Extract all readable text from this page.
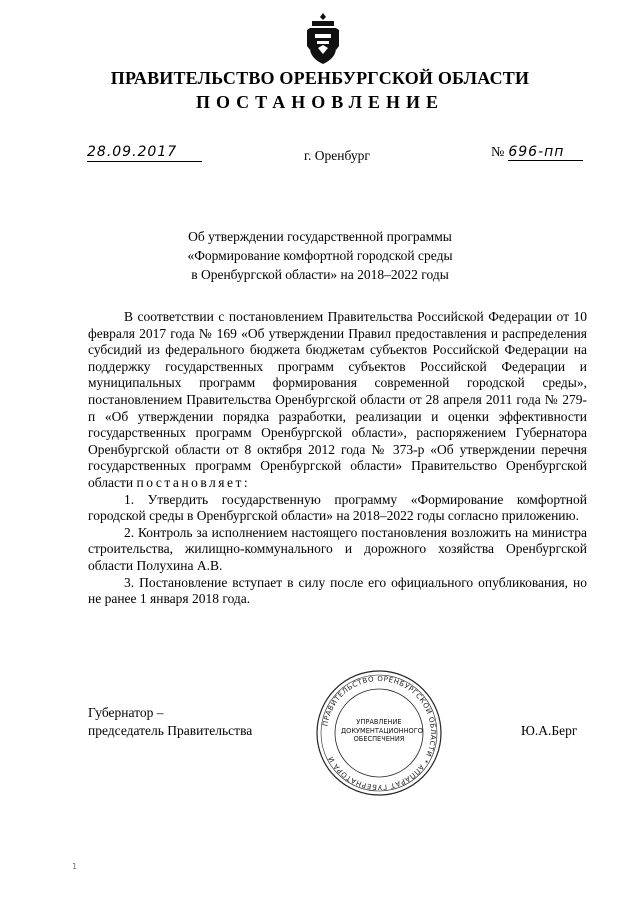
ПРАВИТЕЛЬСТВО ОРЕНБУРГСКОЙ ОБЛАСТИ
ПОСТАНОВЛЕНИЕ
28.09.2017	г. Оренбург	№ 696-пп
Об утверждении государственной программы
«Формирование комфортной городской среды
в Оренбургской области» на 2018–2022 годы

В соответствии с постановлением Правительства Российской Федерации от 10 февраля 2017 года № 169 «Об утверждении Правил предоставления и распределения субсидий из федерального бюджета бюджетам субъектов Российской Федерации на поддержку государственных программ субъектов Российской Федерации и муниципальных программ формирования современной городской среды», постановлением Правительства Оренбургской области от 28 апреля 2011 года № 279-п «Об утверждении порядка разработки, реализации и оценки эффективности государственных программ Оренбургской области», распоряжением Губернатора Оренбургской области от 8 октября 2012 года № 373-р «Об утверждении перечня государственных программ Оренбургской области» Правительство Оренбургской области постановляет:

1. Утвердить государственную программу «Формирование комфортной городской среды в Оренбургской области» на 2018–2022 годы согласно приложению.

2. Контроль за исполнением настоящего постановления возложить на министра строительства, жилищно-коммунального и дорожного хозяйства Оренбургской области Полухина А.В.

3. Постановление вступает в силу после его официального опубликования, но не ранее 1 января 2018 года.

Губернатор –
председатель Правительства	ПРАВИТЕЛЬСТВО ОРЕНБУРГСКОЙ ОБЛАСТИ * АППАРАТ ГУБЕРНАТОРА И
УПРАВЛЕНИЕ
ДОКУМЕНТАЦИОННОГО
ОБЕСПЕЧЕНИЯ
Ю.А.Берг
1
